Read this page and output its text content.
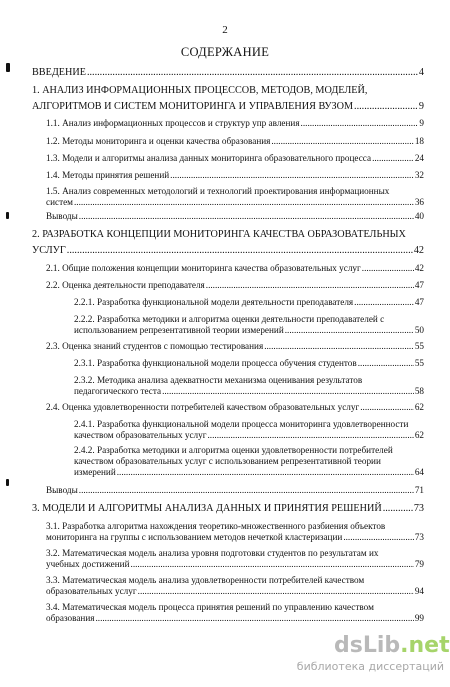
2
СОДЕРЖАНИЕ
ВВЕДЕНИЕ .....	4
1. АНАЛИЗ ИНФОРМАЦИОННЫХ ПРОЦЕССОВ, МЕТОДОВ, МОДЕЛЕЙ,
АЛГОРИТМОВ И СИСТЕМ МОНИТОРИНГА И УПРАВЛЕНИЯ ВУЗОМ .....	9
1.1. Анализ информационных процессов и структур упр авления .....	9
1.2. Методы мониторинга и оценки качества образования .....	18
1.3. Модели и алгоритмы анализа данных мониторинга образовательного процесса .....	24
1.4. Методы принятия решений .....	32
1.5. Анализ современных методологий и технологий проектирования информационных
систем .....	36
Выводы .....	40
2. РАЗРАБОТКА КОНЦЕПЦИИ МОНИТОРИНГА КАЧЕСТВА ОБРАЗОВАТЕЛЬНЫХ
УСЛУГ .....	42
2.1. Общие положения концепции мониторинга качества образовательных услуг .....	42
2.2. Оценка деятельности преподавателя .....	47
2.2.1. Разработка функциональной модели деятельности преподавателя .....	47
2.2.2. Разработка методики и алгоритма оценки деятельности преподавателей с
использованием репрезентативной теории измерений .....	50
2.3. Оценка знаний студентов с помощью тестирования .....	55
2.3.1. Разработка функциональной модели процесса обучения студентов .....	55
2.3.2. Методика анализа адекватности механизма оценивания результатов
педагогического теста .....	58
2.4. Оценка удовлетворенности потребителей качеством образовательных услуг .....	62
2.4.1. Разработка функциональной модели процесса мониторинга удовлетворенности
качеством образовательных услуг .....	62
2.4.2. Разработка методики и алгоритма оценки удовлетворенности потребителей
качеством образовательных услуг с использованием репрезентативной теории
измерений .....	64
Выводы .....	71
3. МОДЕЛИ И АЛГОРИТМЫ АНАЛИЗА ДАННЫХ И ПРИНЯТИЯ РЕШЕНИЙ .....	73
3.1. Разработка алгоритма нахождения теоретико-множественного разбиения объектов
мониторинга на группы с использованием методов нечеткой кластеризации .....	73
3.2. Математическая модель анализа уровня подготовки студентов по результатам их
учебных достижений .....	79
3.3. Математическая модель анализа удовлетворенности потребителей качеством
образовательных услуг .....	94
3.4. Математическая модель процесса принятия решений по управлению качеством
образования .....	99
dsLib.net
библиотека диссертаций
